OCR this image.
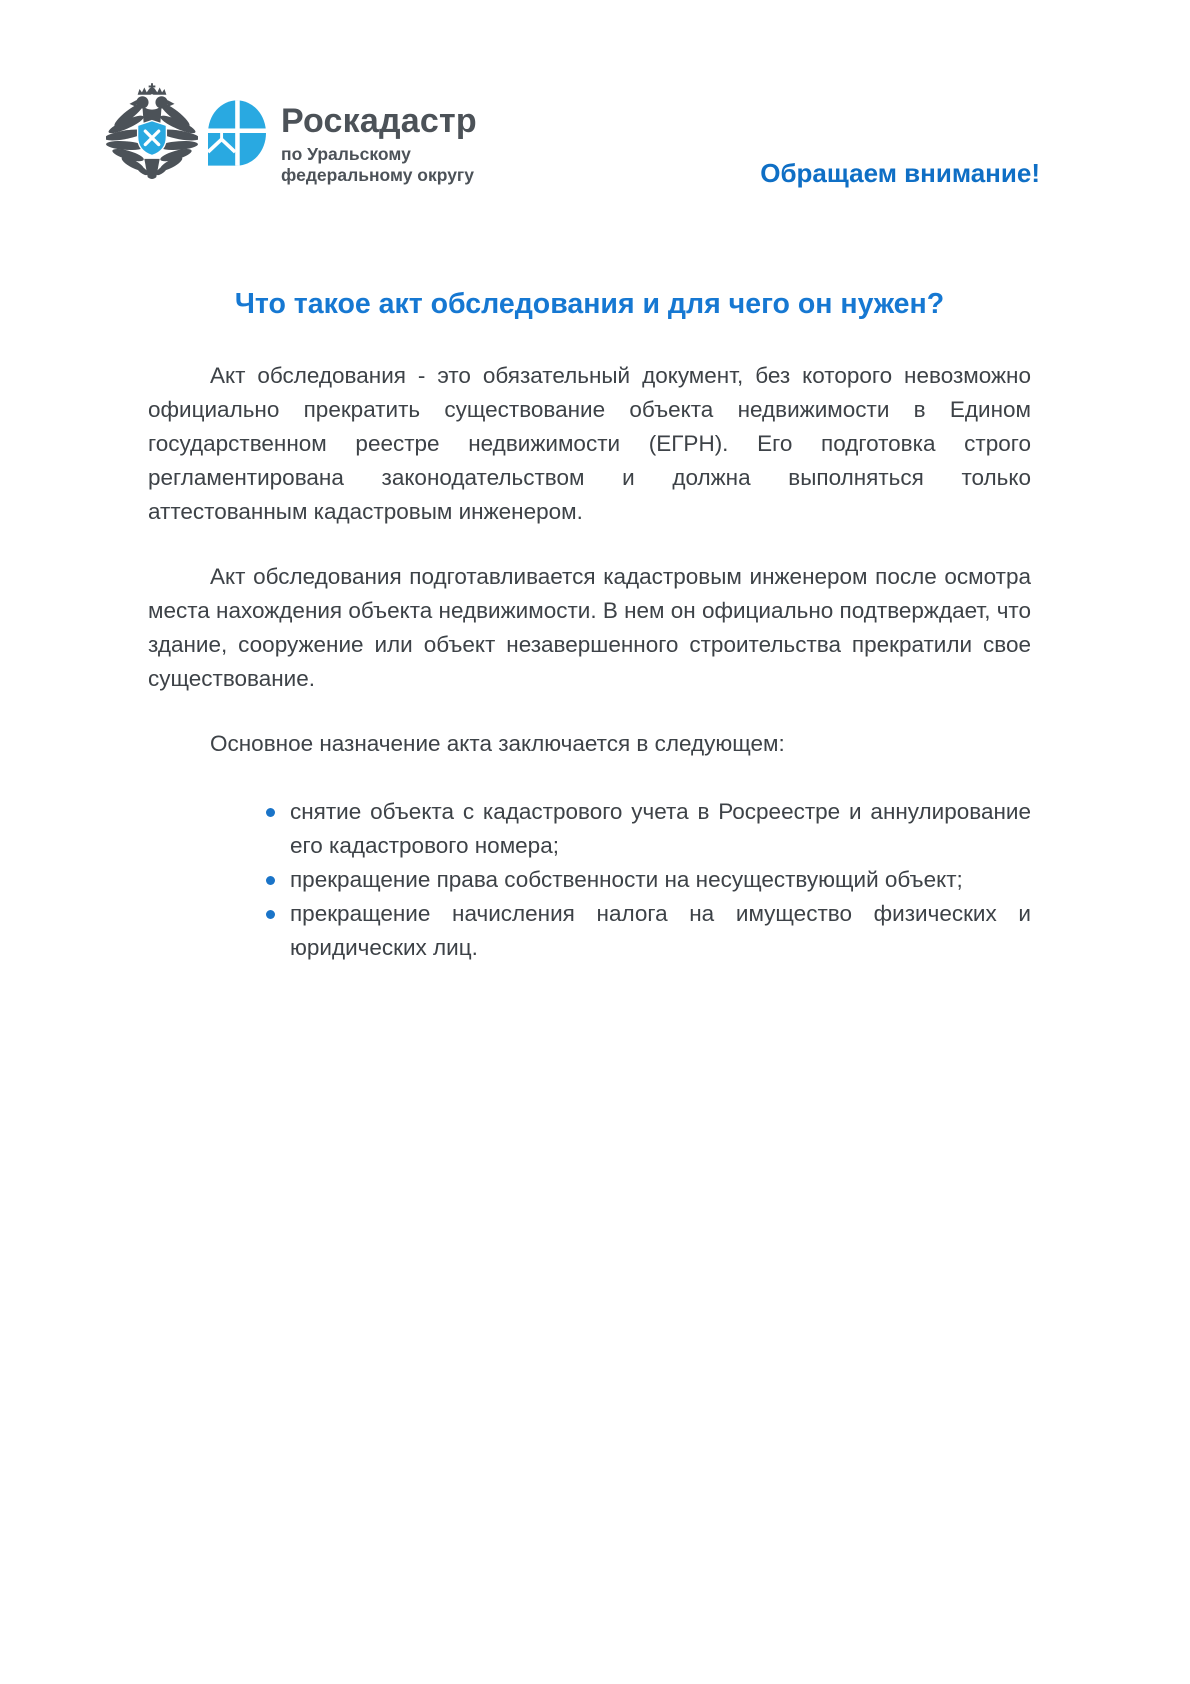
Роскадастр
по Уральскому федеральному округу	Обращаем внимание!
Что такое акт обследования и для чего он нужен?

Акт обследования - это обязательный документ, без которого невозможно официально прекратить существование объекта недвижимости в Едином государственном реестре недвижимости (ЕГРН). Его подготовка строго регламентирована законодательством и должна выполняться только аттестованным кадастровым инженером.

Акт обследования подготавливается кадастровым инженером после осмотра места нахождения объекта недвижимости. В нем он официально подтверждает, что здание, сооружение или объект незавершенного строительства прекратили свое существование.

Основное назначение акта заключается в следующем:

снятие объекта с кадастрового учета в Росреестре и аннулирование его кадастрового номера;
прекращение права собственности на несуществующий объект;
прекращение начисления налога на имущество физических и юридических лиц.
